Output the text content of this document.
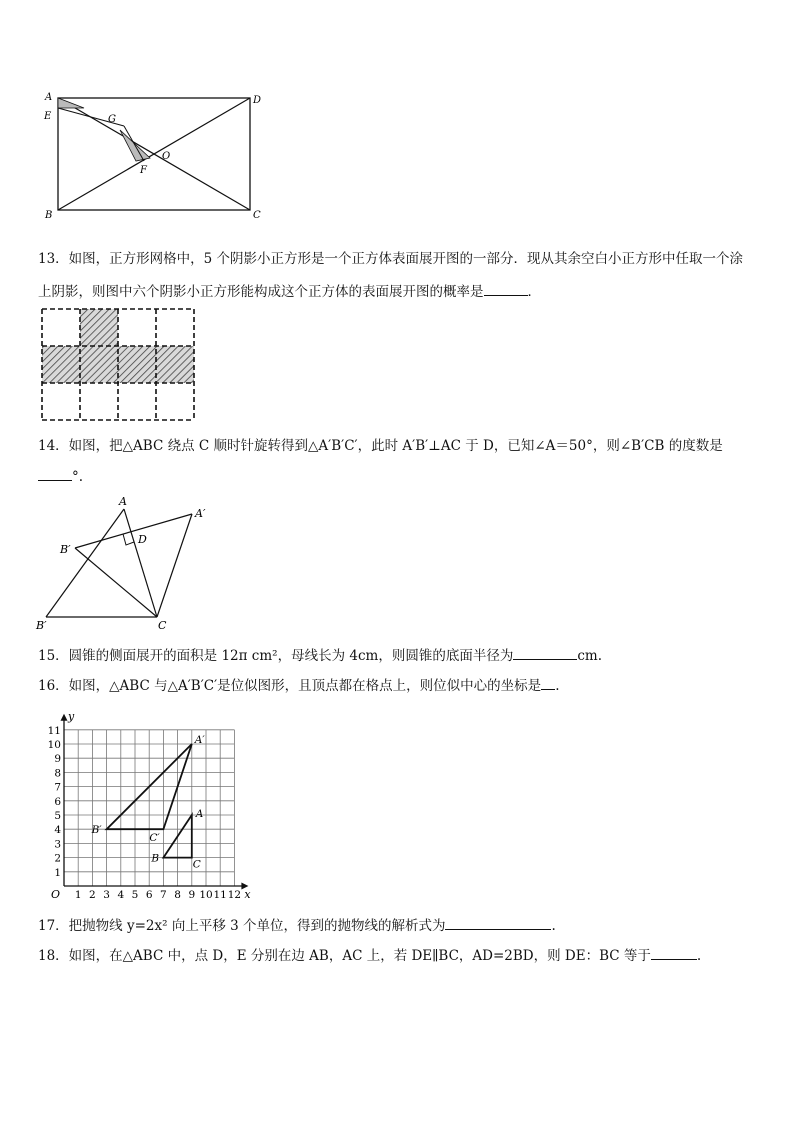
A	D
E	G
O
F
B	C
13．如图，正方形网格中，5 个阴影小正方形是一个正方体表面展开图的一部分．现从其余空白小正方形中任取一个涂
上阴影，则图中六个阴影小正方形能构成这个正方体的表面展开图的概率是	．
14．如图，把△ABC 绕点 C 顺时针旋转得到△A′B′C′，此时 A′B′⊥AC 于 D，已知∠A＝50°，则∠B′CB 的度数是
°.
A
A′
B′
D
B′	C
15．圆锥的侧面展开的面积是 12π cm²，母线长为 4cm，则圆锥的底面半径为	cm.
16．如图，△ABC 与△A′B′C′是位似图形，且顶点都在格点上，则位似中心的坐标是 .
x
y
O 1 2 3 4 5 6 7 8 9 10 11 12
1
2
3
4
5
6
7
8
9
10
11
A
B	C
A′
B′
C′
17．把抛物线 y=2x² 向上平移 3 个单位，得到的抛物线的解析式为	.
18．如图，在△ABC 中，点 D，E 分别在边 AB，AC 上，若 DE∥BC，AD=2BD，则 DE：BC 等于	.
